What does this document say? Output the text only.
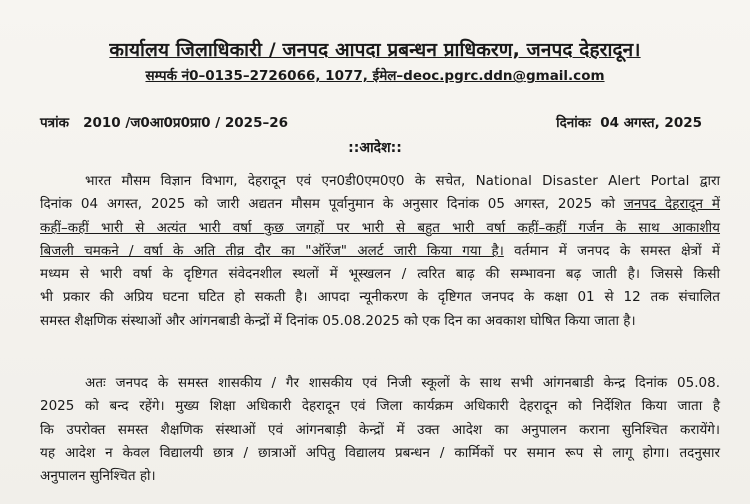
कार्यालय जिलाधिकारी / जनपद आपदा प्रबन्धन प्राधिकरण, जनपद देहरादून।
सम्पर्क नं0–0135–2726066, 1077, ईमेल–deoc.pgrc.ddn@gmail.com
पत्रांक 2010 /ज0आ0प्र0प्रा0 / 2025–26	दिनांकः 04 अगस्त, 2025
::आदेश::
भारत मौसम विज्ञान विभाग, देहरादून एवं एन0डी0एम0ए0 के सचेत, National Disaster Alert Portal द्वारा
दिनांक 04 अगस्त, 2025 को जारी अद्यतन मौसम पूर्वानुमान के अनुसार दिनांक 05 अगस्त, 2025 को जनपद देहरादून में
कहीं–कहीं भारी से अत्यंत भारी वर्षा कुछ जगहों पर भारी से बहुत भारी वर्षा कहीं–कहीं गर्जन के साथ आकाशीय
बिजली चमकने / वर्षा के अति तीव्र दौर का "ऑरेंज" अलर्ट जारी किया गया है। वर्तमान में जनपद के समस्त क्षेत्रों में
मध्यम से भारी वर्षा के दृष्टिगत संवेदनशील स्थलों में भूस्खलन / त्वरित बाढ़ की सम्भावना बढ़ जाती है। जिससे किसी
भी प्रकार की अप्रिय घटना घटित हो सकती है। आपदा न्यूनीकरण के दृष्टिगत जनपद के कक्षा 01 से 12 तक संचालित
समस्त शैक्षणिक संस्थाओं और आंगनबाडी केन्द्रों में दिनांक 05.08.2025 को एक दिन का अवकाश घोषित किया जाता है।
अतः जनपद के समस्त शासकीय / गैर शासकीय एवं निजी स्कूलों के साथ सभी आंगनबाडी केन्द्र दिनांक 05.08.
2025 को बन्द रहेंगे। मुख्य शिक्षा अधिकारी देहरादून एवं जिला कार्यक्रम अधिकारी देहरादून को निर्देशित किया जाता है
कि उपरोक्त समस्त शैक्षणिक संस्थाओं एवं आंगनबाड़ी केन्द्रों में उक्त आदेश का अनुपालन कराना सुनिश्चित करायेंगे।
यह आदेश न केवल विद्यालयी छात्र / छात्राओं अपितु विद्यालय प्रबन्धन / कार्मिकों पर समान रूप से लागू होगा। तदनुसार
अनुपालन सुनिश्चित हो।
